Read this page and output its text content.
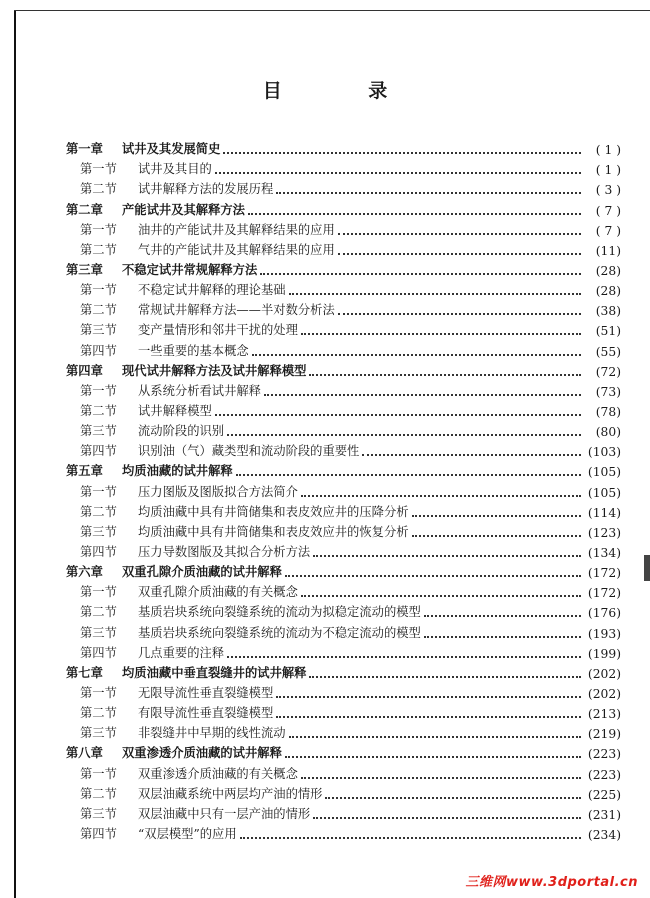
目 录
第一章	试井及其发展简史	( 1 )
第一节	试井及其目的	( 1 )
第二节	试井解释方法的发展历程	( 3 )
第二章	产能试井及其解释方法	( 7 )
第一节	油井的产能试井及其解释结果的应用	( 7 )
第二节	气井的产能试井及其解释结果的应用	(11)
第三章	不稳定试井常规解释方法	(28)
第一节	不稳定试井解释的理论基础	(28)
第二节	常规试井解释方法——半对数分析法	(38)
第三节	变产量情形和邻井干扰的处理	(51)
第四节	一些重要的基本概念	(55)
第四章	现代试井解释方法及试井解释模型	(72)
第一节	从系统分析看试井解释	(73)
第二节	试井解释模型	(78)
第三节	流动阶段的识别	(80)
第四节	识别油（气）藏类型和流动阶段的重要性	(103)
第五章	均质油藏的试井解释	(105)
第一节	压力图版及图版拟合方法简介	(105)
第二节	均质油藏中具有井筒储集和表皮效应井的压降分析	(114)
第三节	均质油藏中具有井筒储集和表皮效应井的恢复分析	(123)
第四节	压力导数图版及其拟合分析方法	(134)
第六章	双重孔隙介质油藏的试井解释	(172)
第一节	双重孔隙介质油藏的有关概念	(172)
第二节	基质岩块系统向裂缝系统的流动为拟稳定流动的模型	(176)
第三节	基质岩块系统向裂缝系统的流动为不稳定流动的模型	(193)
第四节	几点重要的注释	(199)
第七章	均质油藏中垂直裂缝井的试井解释	(202)
第一节	无限导流性垂直裂缝模型	(202)
第二节	有限导流性垂直裂缝模型	(213)
第三节	非裂缝井中早期的线性流动	(219)
第八章	双重渗透介质油藏的试井解释	(223)
第一节	双重渗透介质油藏的有关概念	(223)
第二节	双层油藏系统中两层均产油的情形	(225)
第三节	双层油藏中只有一层产油的情形	(231)
第四节	“双层模型”的应用	(234)
三维网www.3dportal.cn
